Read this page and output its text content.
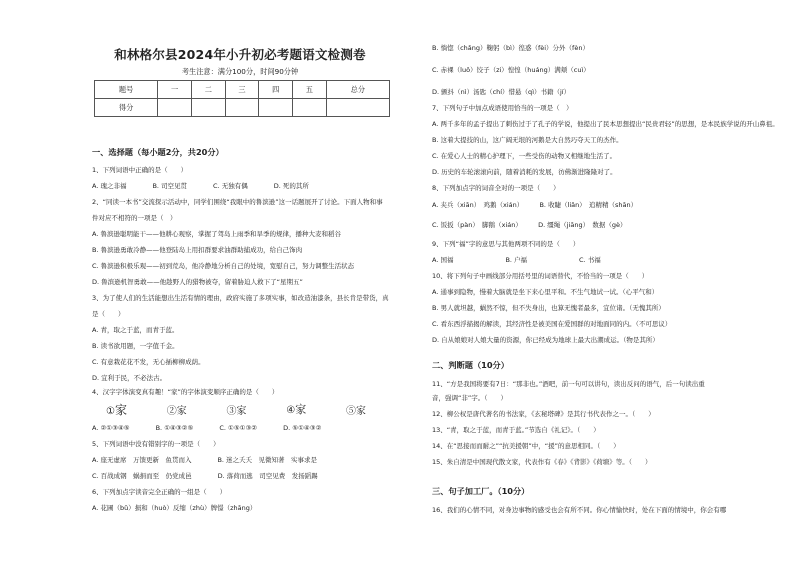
和林格尔县2024年小升初必考题语文检测卷
考生注意：满分100分，时间90分钟
题号	一	二	三	四	五	总分
得分						
一、选择题（每小题2分，共20分）
1、下列词语中正确的是（　　）
A. 瑰之非福　　　　B. 司空见贯　　　　C. 无独有偶　　　　D. 死的其所
2、“同读一本书”交流探示活动中，同学们围绕“我眼中的鲁滨逊”这一话题展开了讨论。下面人物和事
件对应不相符的一项是（　）
A. 鲁滨逊聪明能干——他耕心观察，掌握了驾岛上雨季和旱季的规律，播种大麦和稻谷
B. 鲁滨逊勇敢冷静——他登陆岛上用扣群要求油群助捕成功，给自己饰肉
C. 鲁滨逊积极乐观——初到荒岛，他冷静地分析自己的处境，宽慰自己，努力调整生活状态
D. 鲁滨逊机智勇敢——他趁野人的猎物被夺，留着胁迫人救下了“星期五”
3、为了使人们的生活能想出生活有情的理由，政府实施了多项实事，如改造油漆条，县长肯是带货，真
是（　　）
A. 青，取之于蓝，而青于蓝。
B. 读书欲用题，一字值千金。
C. 有意栽花花不发，无心插柳柳成荫。
D. 宜利于民，不必法古。
4、汉字字体演变真有趣！“家”的字体演变顺序正确的是（　　）
①家	②家	③家	④家	⑤家
A. ②①③④⑤　　　　B. ①④③②⑤　　　　C. ①⑤①③②　　　　D. ⑤①④③②
5、下列词语中没有错别字的一项是（　　）
A. 座无虚席　万馈更新　鱼贯而入　　　　B. 迷之夭夭　见微知著　实事求是
C. 百战成钢　蜗捐而至　仍党成邑　　　　D. 落荷而逃　司空见费　发扬蹈踢
6、下列加点字读音完全正确的一组是（　　）
A. 花圃（bǔ）损和（huò）反缩（zhù）牌憬（zhāng）
B. 惝惚（chǎng）鞠躬（bì）徨惑（fèi）分外（fèn）
C. 赤裸（luǒ）饺子（zi）惶惶（huáng）满颊（cuì）
D. 颤抖（nì）汤匙（chí）惜悬（qì）书籍（jí）
7、下列句子中加点成语使用恰当的一项是（　）
A. 两千多年的孟子提出了刺伤过于了孔子的学说，他提出了民本思想提出“民贵君轻”的思想，是本民族学说的开山鼻祖。
B. 这着大提技的山，这广阔无垠的河鹅是大自然巧夺天工的杰作。
C. 在爱心人士的精心护理下，一些受伤的动物又相继地生活了。
D. 历史的车轮滚滚向前，随着消耗的发展，彷佛渐进隆隆对了。
8、下列加点字的词音全对的一项是（　　）
A. 夹兵（xiān）　鸡鹅（xián）　　　B. 收睫（liǎn）　追精精（shān）
C. 饭扳（pàn）　脚鹅（xián）　　　D. 缰绳（jiāng）　数据（gè）
9、下列“福”字的意思与其他两项不同的是（　　）
A. 国福　　　　　　　　B. 户福　　　　　　　　C. 书福
10、将下列句子中画线部分用括号里的词语替代，不恰当的一项是（　　）
A. 通事到隐物，慢着大脑就是坐下来心里平和。不生气地试一试。（心平气和）
B. 男人就坦越，蜗然不惊，但不失身出，也算无愧者最多，宜位诸。（无愧其所）
C. 看东西浮描揭的解读，其经济性是被美国在爱国群的对地面同的内。（不可思议）
D. 自从娘娘对人娘大量的资源，你已经成为地球上最大出潮成运。（物是其所）
二、判断题（10分）
11、“方是我国将要有7日：“那非也。”酒吧，前一句可以讲句，读出反问的语气，后一句读出重
音，强调“非”字。（　　）
12、柳公权是唐代著名的书法家，《玄秘塔碑》是其行书代表作之一。（　　）
13、“青，取之于蓝，而青于蓝。”节选自《礼记》。（　　）
14、在“思接而而耐之”“抗美援朝”中，“援”的意思相同。（　　）
15、朱自清是中国现代散文家，代表作有《春》《背影》《荷塘》等。（　　）
三、句子加工厂。（10分）
16、我们的心情不同，对身边事物的感受也会有所不同。你心情愉快时，处在下面的情境中，你会有哪
